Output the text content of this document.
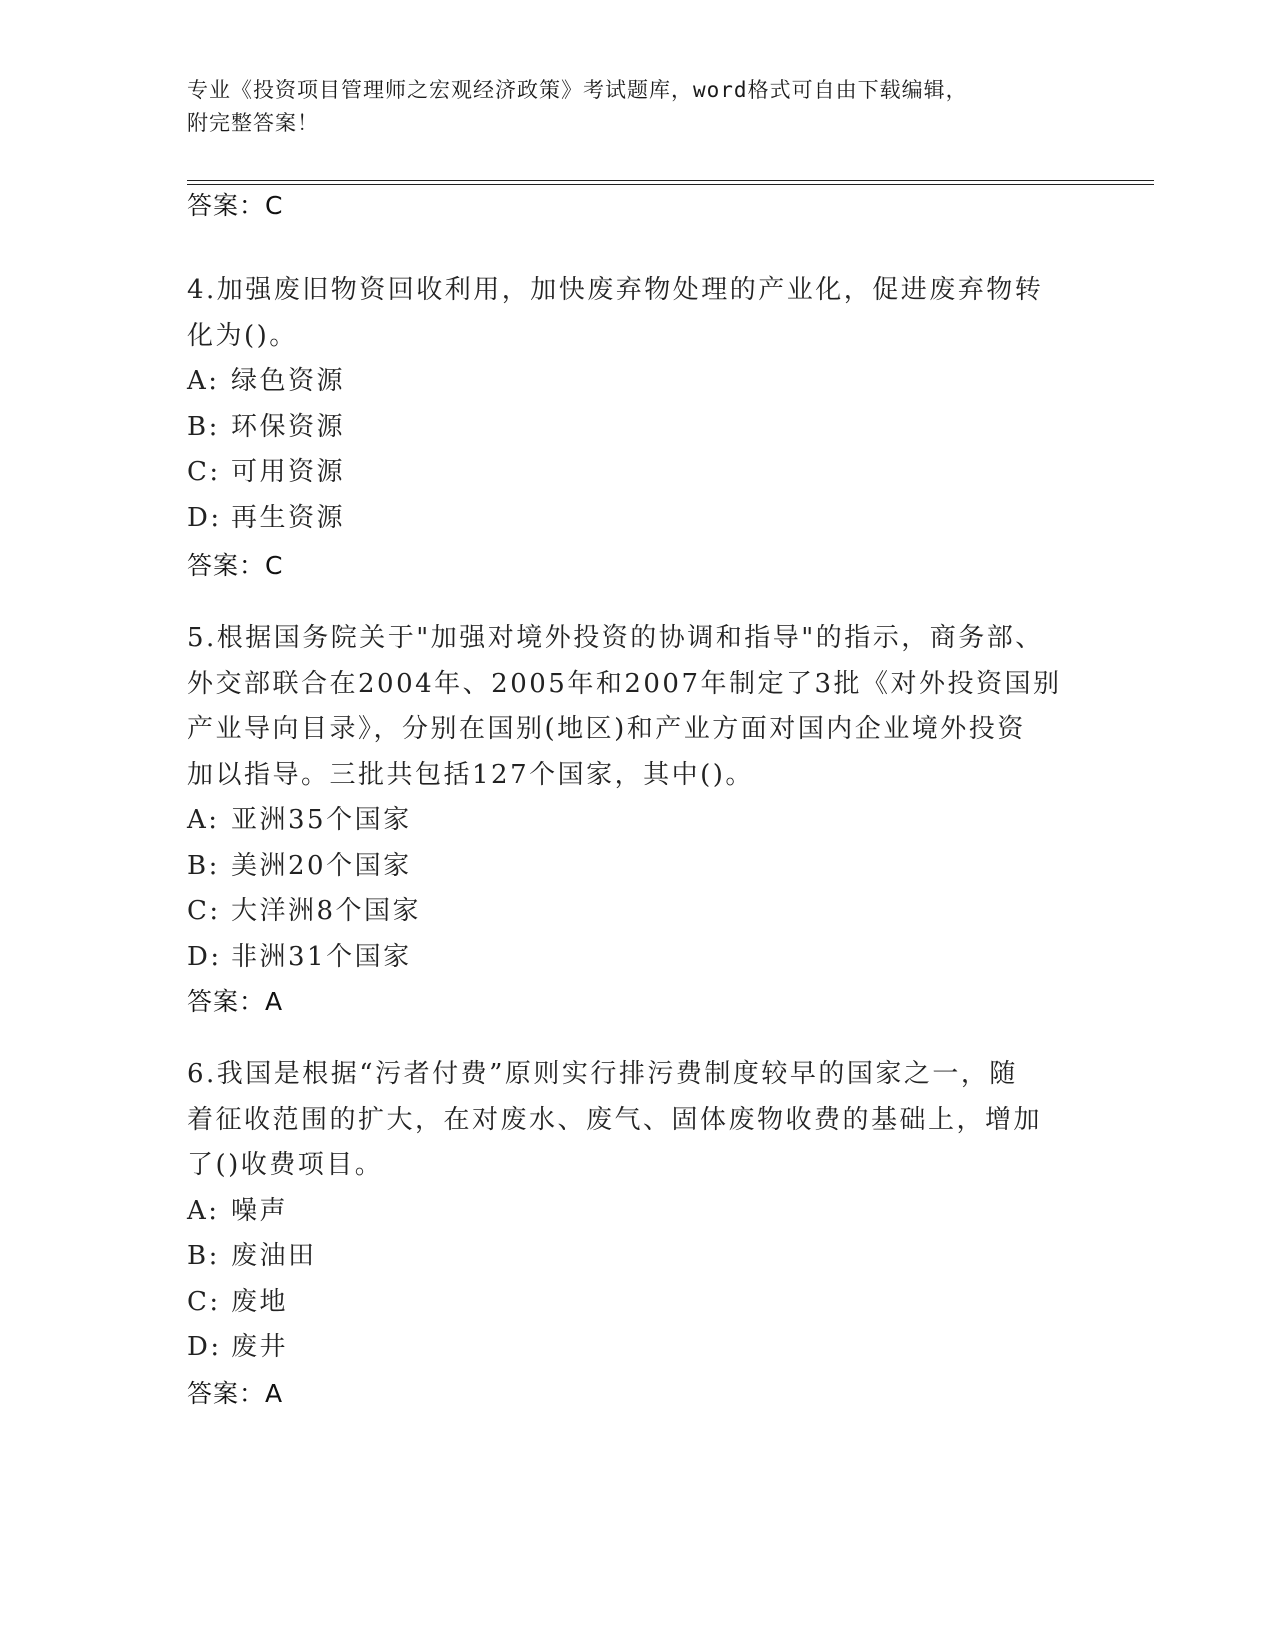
专业《投资项目管理师之宏观经济政策》考试题库，word格式可自由下载编辑，
附完整答案！
答案：C

4.加强废旧物资回收利用，加快废弃物处理的产业化，促进废弃物转

化为()。

A: 绿色资源

B: 环保资源

C: 可用资源

D: 再生资源

答案：C

5.根据国务院关于"加强对境外投资的协调和指导"的指示，商务部、

外交部联合在2004年、2005年和2007年制定了3批《对外投资国别

产业导向目录》，分别在国别(地区)和产业方面对国内企业境外投资

加以指导。三批共包括127个国家，其中()。

A: 亚洲35个国家

B: 美洲20个国家

C: 大洋洲8个国家

D: 非洲31个国家

答案：A

6.我国是根据“污者付费”原则实行排污费制度较早的国家之一，随

着征收范围的扩大，在对废水、废气、固体废物收费的基础上，增加

了()收费项目。

A: 噪声

B: 废油田

C: 废地

D: 废井

答案：A
